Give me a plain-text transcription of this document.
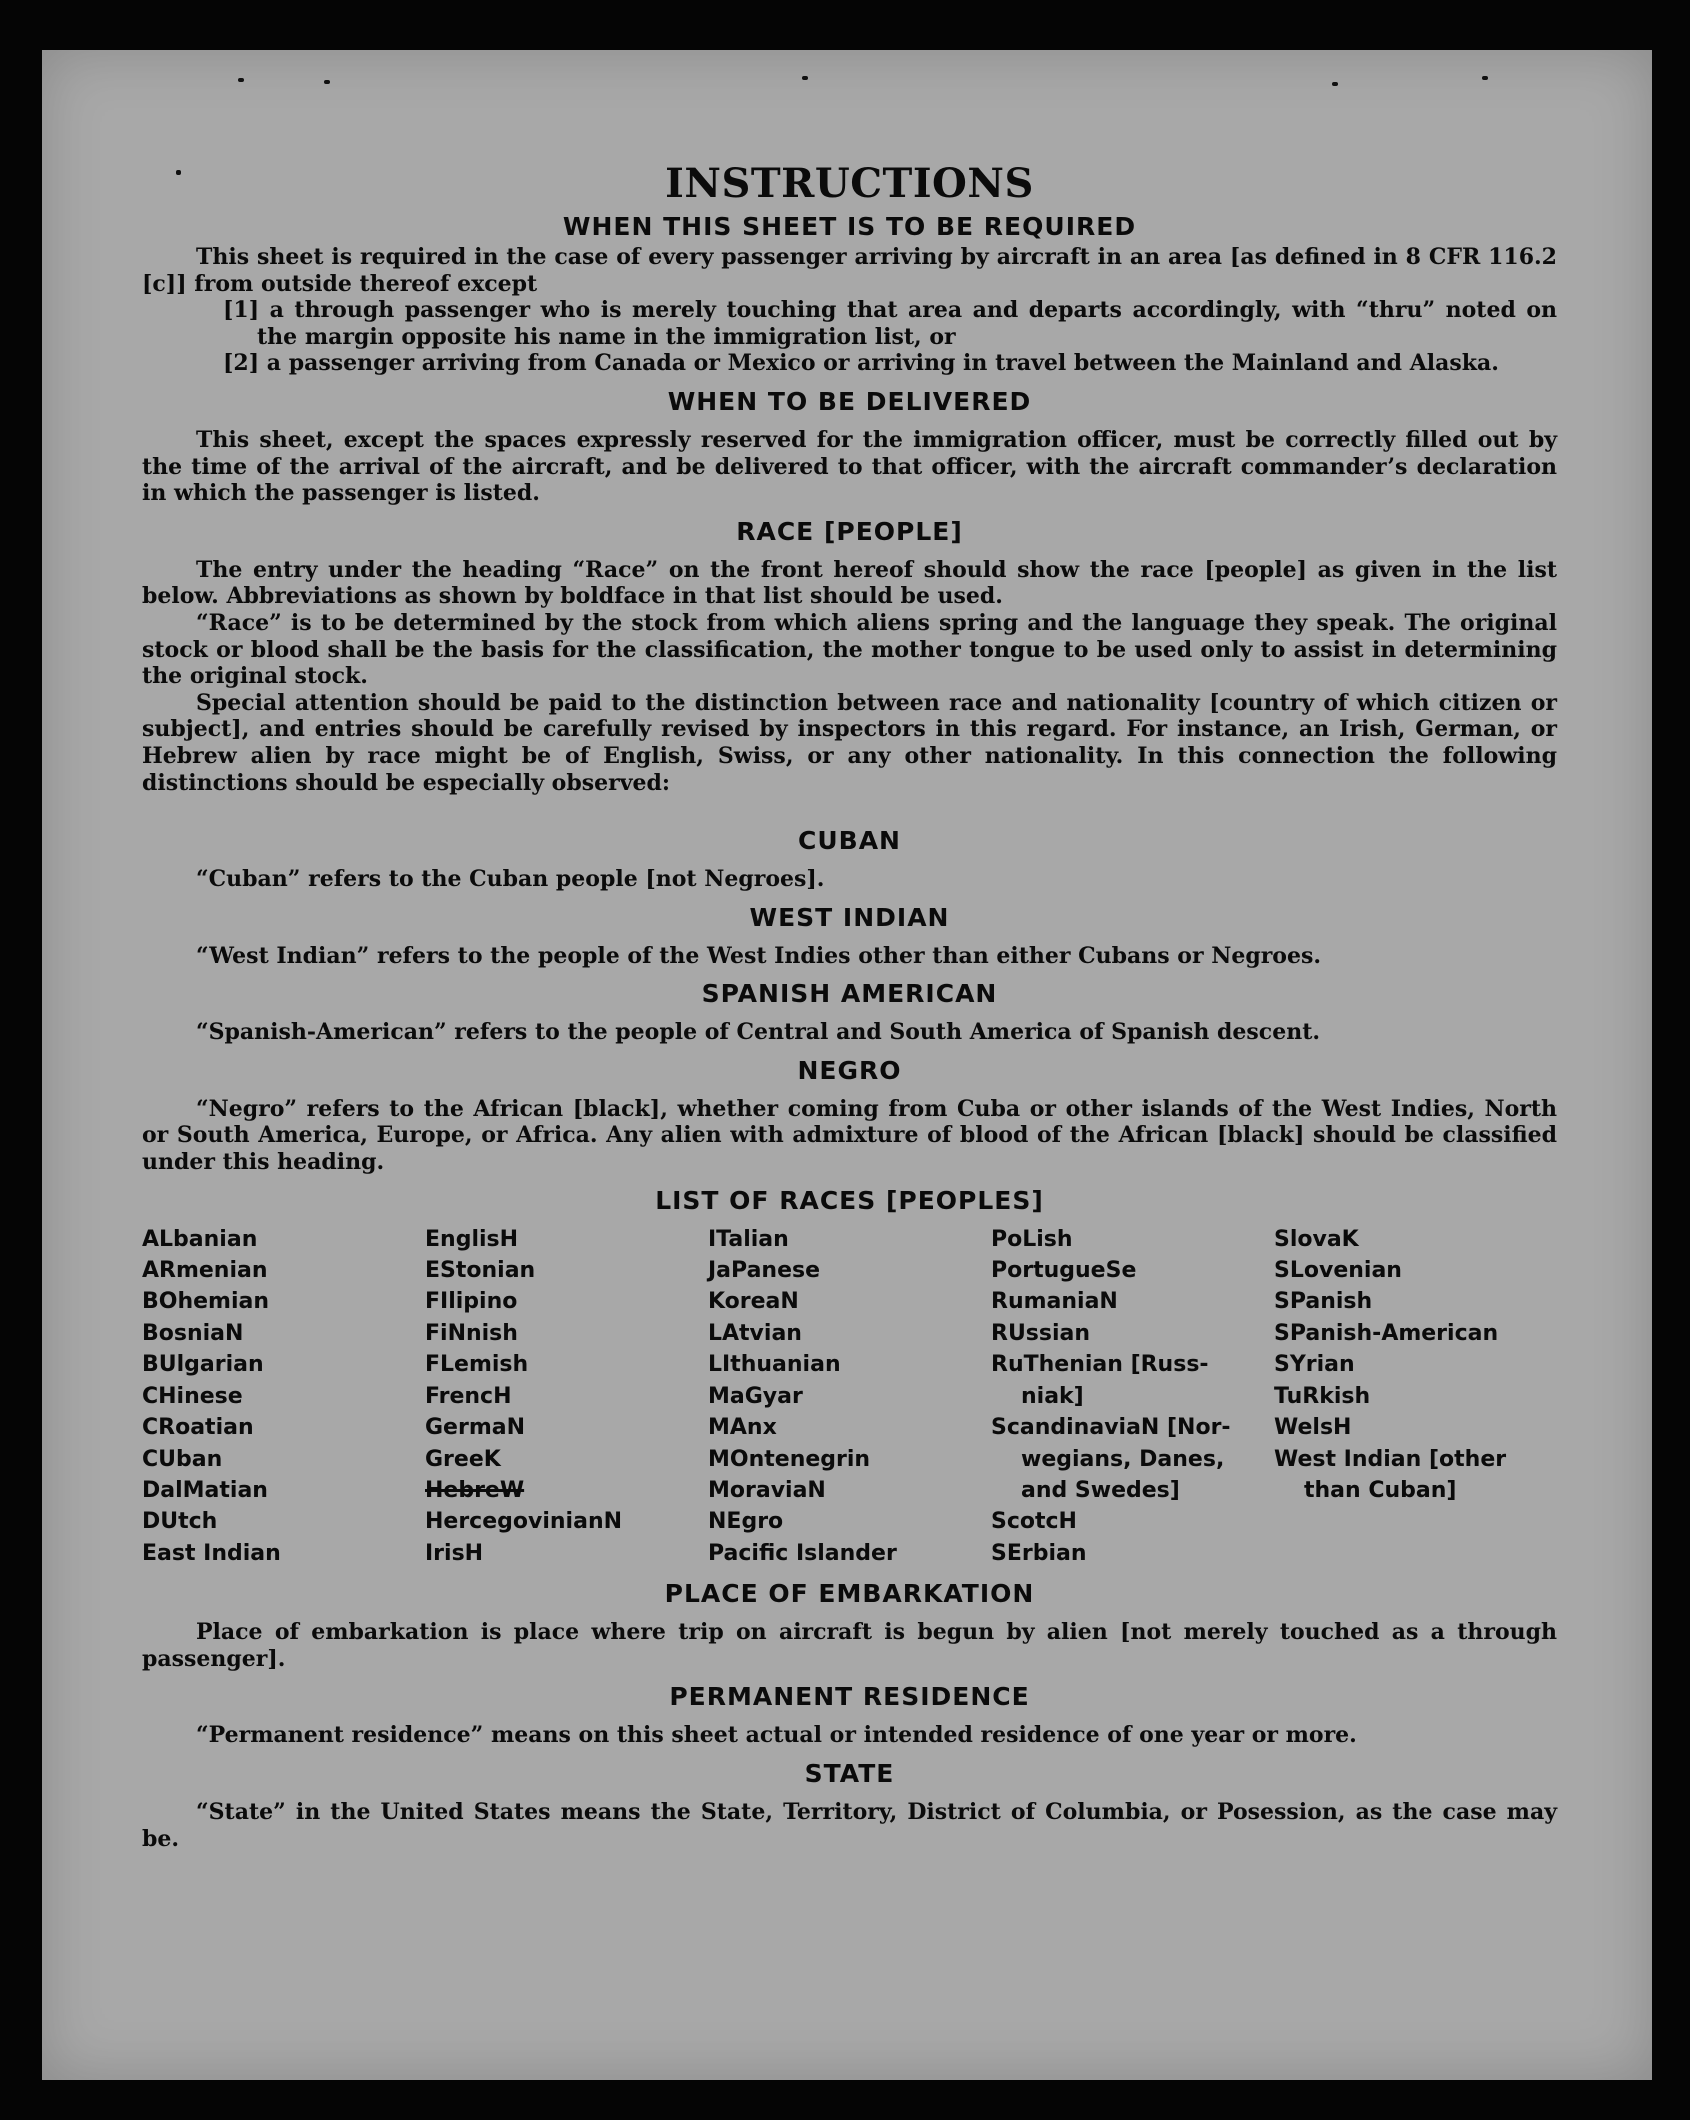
INSTRUCTIONS
WHEN THIS SHEET IS TO BE REQUIRED

This sheet is required in the case of every passenger arriving by aircraft in an area [as defined in 8 CFR 116.2 [c]] from outside thereof except

[1] a through passenger who is merely touching that area and departs accordingly, with “thru” noted on the margin opposite his name in the immigration list, or

[2] a passenger arriving from Canada or Mexico or arriving in travel between the Mainland and Alaska.

WHEN TO BE DELIVERED

This sheet, except the spaces expressly reserved for the immigration officer, must be correctly filled out by the time of the arrival of the aircraft, and be delivered to that officer, with the aircraft commander’s declaration in which the passenger is listed.

RACE [PEOPLE]

The entry under the heading “Race” on the front hereof should show the race [people] as given in the list below. Abbreviations as shown by boldface in that list should be used.

“Race” is to be determined by the stock from which aliens spring and the language they speak. The original stock or blood shall be the basis for the classification, the mother tongue to be used only to assist in determining the original stock.

Special attention should be paid to the distinction between race and nationality [country of which citizen or subject], and entries should be carefully revised by inspectors in this regard. For instance, an Irish, German, or Hebrew alien by race might be of English, Swiss, or any other nationality. In this connection the following distinctions should be especially observed:

CUBAN

“Cuban” refers to the Cuban people [not Negroes].

WEST INDIAN

“West Indian” refers to the people of the West Indies other than either Cubans or Negroes.

SPANISH AMERICAN

“Spanish-American” refers to the people of Central and South America of Spanish descent.

NEGRO

“Negro” refers to the African [black], whether coming from Cuba or other islands of the West Indies, North or South America, Europe, or Africa. Any alien with admixture of blood of the African [black] should be classified under this heading.

LIST OF RACES [PEOPLES]
ALbanian
ARmenian
BOhemian
BosniaN
BUlgarian
CHinese
CRoatian
CUban
DalMatian
DUtch
East Indian
EnglisH
EStonian
FIlipino
FiNnish
FLemish
FrencH
GermaN
GreeK
HebreW
HercegovinianN
IrisH
ITalian
JaPanese
KoreaN
LAtvian
LIthuanian
MaGyar
MAnx
MOntenegrin
MoraviaN
NEgro
Pacific Islander
PoLish
PortugueSe
RumaniaN
RUssian
RuThenian [Russ-
niak]
ScandinaviaN [Nor-
wegians, Danes,
and Swedes]
ScotcH
SErbian
SlovaK
SLovenian
SPanish
SPanish-American
SYrian
TuRkish
WelsH
West Indian [other
than Cuban]
PLACE OF EMBARKATION

Place of embarkation is place where trip on aircraft is begun by alien [not merely touched as a through passenger].

PERMANENT RESIDENCE

“Permanent residence” means on this sheet actual or intended residence of one year or more.

STATE

“State” in the United States means the State, Territory, District of Columbia, or Posession, as the case may be.
